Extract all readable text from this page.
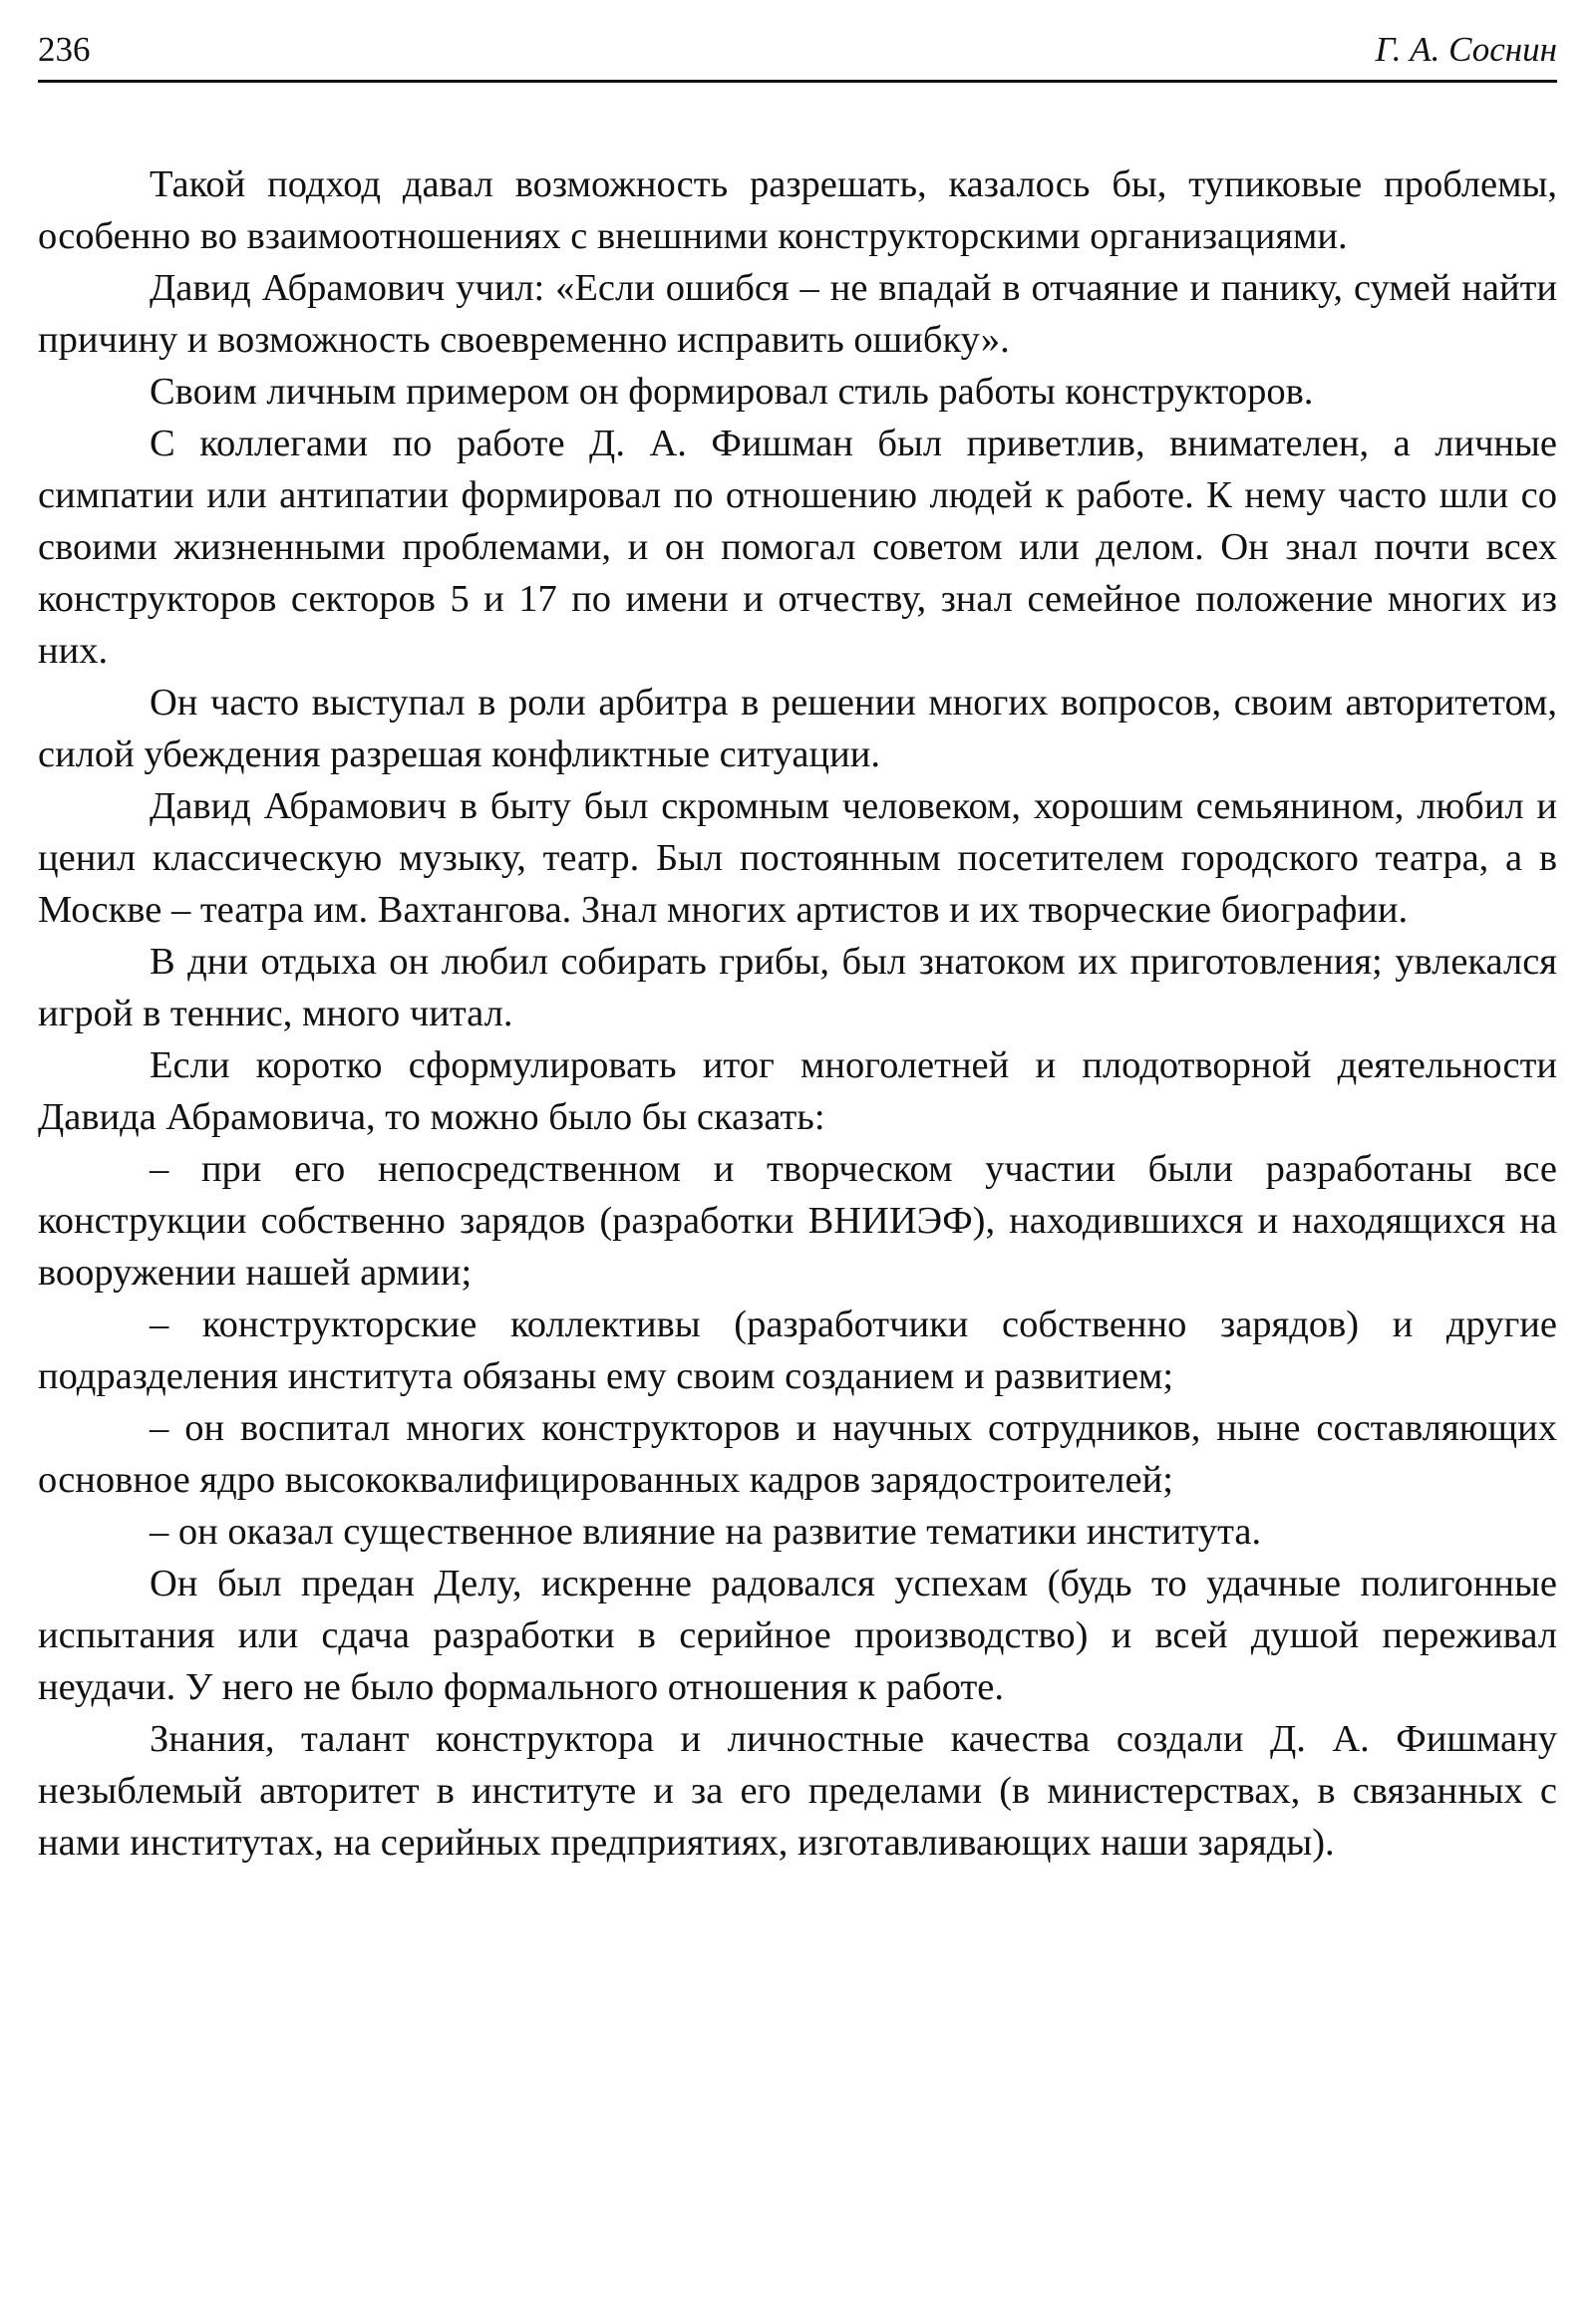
236	Г. А. Соснин

Такой подход давал возможность разрешать, казалось бы, тупиковые проблемы, особенно во взаимоотношениях с внешними конструкторскими организациями.

Давид Абрамович учил: «Если ошибся – не впадай в отчаяние и панику, сумей найти причину и возможность своевременно исправить ошибку».

Своим личным примером он формировал стиль работы конструкторов.

С коллегами по работе Д. А. Фишман был приветлив, внимателен, а личные симпатии или антипатии формировал по отношению людей к работе. К нему часто шли со своими жизненными проблемами, и он помогал советом или делом. Он знал почти всех конструкторов секторов 5 и 17 по имени и отчеству, знал семейное положение многих из них.

Он часто выступал в роли арбитра в решении многих вопросов, своим авторитетом, силой убеждения разрешая конфликтные ситуации.

Давид Абрамович в быту был скромным человеком, хорошим семьянином, любил и ценил классическую музыку, театр. Был постоянным посетителем городского театра, а в Москве – театра им. Вахтангова. Знал многих артистов и их творческие биографии.

В дни отдыха он любил собирать грибы, был знатоком их приготовления; увлекался игрой в теннис, много читал.

Если коротко сформулировать итог многолетней и плодотворной деятельности Давида Абрамовича, то можно было бы сказать:

– при его непосредственном и творческом участии были разработаны все конструкции собственно зарядов (разработки ВНИИЭФ), находившихся и находящихся на вооружении нашей армии;

– конструкторские коллективы (разработчики собственно зарядов) и другие подразделения института обязаны ему своим созданием и развитием;

– он воспитал многих конструкторов и научных сотрудников, ныне составляющих основное ядро высококвалифицированных кадров зарядостроителей;

– он оказал существенное влияние на развитие тематики института.

Он был предан Делу, искренне радовался успехам (будь то удачные полигонные испытания или сдача разработки в серийное производство) и всей душой переживал неудачи. У него не было формального отношения к работе.

Знания, талант конструктора и личностные качества создали Д. А. Фишману незыблемый авторитет в институте и за его пределами (в министерствах, в связанных с нами институтах, на серийных предприятиях, изготавливающих наши заряды).
